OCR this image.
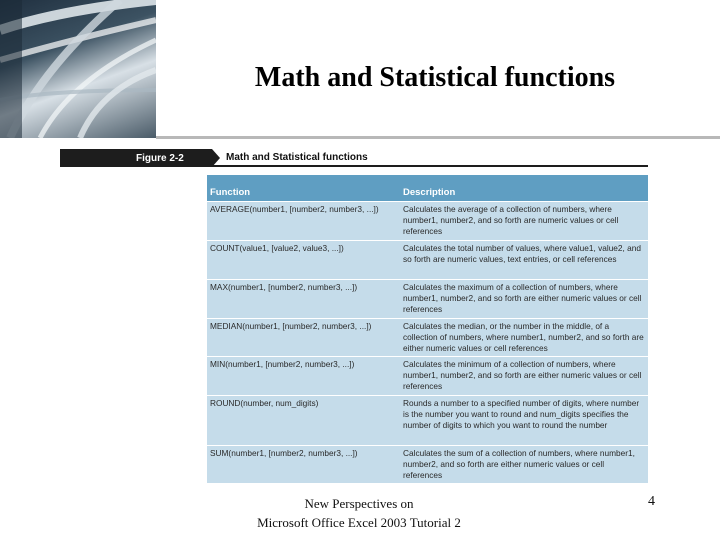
Math and Statistical functions
Figure 2-2	Math and Statistical functions
Function	Description
AVERAGE(number1, [number2, number3, ...])	Calculates the average of a collection of numbers, where number1, number2, and so forth are numeric values or cell references
COUNT(value1, [value2, value3, ...])	Calculates the total number of values, where value1, value2, and so forth are numeric values, text entries, or cell references
MAX(number1, [number2, number3, ...])	Calculates the maximum of a collection of numbers, where number1, number2, and so forth are either numeric values or cell references
MEDIAN(number1, [number2, number3, ...])	Calculates the median, or the number in the middle, of a collection of numbers, where number1, number2, and so forth are either numeric values or cell references
MIN(number1, [number2, number3, ...])	Calculates the minimum of a collection of numbers, where number1, number2, and so forth are either numeric values or cell references
ROUND(number, num_digits)	Rounds a number to a specified number of digits, where number is the number you want to round and num_digits specifies the number of digits to which you want to round the number
SUM(number1, [number2, number3, ...])	Calculates the sum of a collection of numbers, where number1, number2, and so forth are either numeric values or cell references
New Perspectives on
Microsoft Office Excel 2003 Tutorial 2
4
